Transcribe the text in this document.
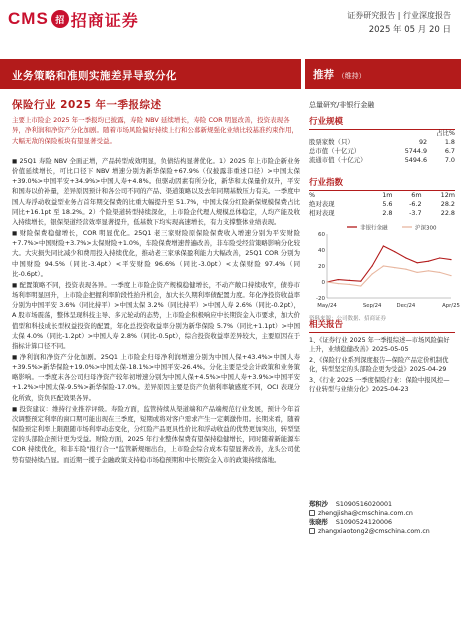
CMS 招 招商证券	证券研究报告 | 行业深度报告
2025 年 05 月 20 日
业务策略和准则实施差异导致分化	推荐 （维持）
保险行业 2025 年一季报综述
主要上市险企 2025 年一季报均已披露，寿险 NBV 延续增长，寿险 COR 明显改善，投资表现各异，净利润和净资产分化加剧。随着市场风险偏好持续上行和公募新规强化业绩比较基准约束作用，大幅无敌的保险板块有望显著受益。

◼ 25Q1 寿险 NBV 全面正增，产品转型成效明显，负债结构显著优化。1）2025 年上市险企新业务价值延续增长，可比口径下 NBV 增速分别为新华保险+67.9%（仅披露非重述口径）>中国太保+39.0%>中国平安+34.9%>中国人寿+4.8%。但驱动因素有所分化，新华和太保量价双升，平安和国寿以价补量，差异原因预计和各公司不同的产品、渠道策略以及去年同期基数压力有关。一季度中国人寿浮动收益型业务占首年期交保费的比重大幅提升至 51.7%，中国太保分红险新保规模保费占比同比+16.1pt 至 18.2%。2）个险渠道转型持续深化，上市险企代理人规模总体稳定，人均产能及收入持续增长，银保渠道经营效率显著提升，低基数下均实现高速增长，有力支撑整体业绩表现。

◼ 财险保费稳健增长，COR 明显优化。25Q1 老三家财险原保险保费收入增速分别为平安财险+7.7%>中国财险+3.7%>太保财险+1.0%，车险保费增速普遍改善，非车险受经营策略影响分化较大。大灾损失同比减少和费用投入持续优化，推动老三家承保盈利能力大幅改善，25Q1 COR 分别为中国财险 94.5%（同比-3.4pt）<平安财险 96.6%（同比-3.0pt）<太保财险 97.4%（同比-0.6pt）。

◼ 配置策略不同，投资表现各异。一季度上市险企资产规模稳健增长，不动产敞口持续收窄，债券市场利率明显回升，上市险企把握利率阶段性抬升机会，加大长久期利率债配置力度。年化净投资收益率分别为中国平安 3.6%（同比持平）>中国太保 3.2%（同比持平）>中国人寿 2.6%（同比-0.2pt），A 股市场震荡，整体呈现科技主导、多元轮动的态势，上市险企积极响应中长期资金入市要求，加大价值型和科技成长型权益投资的配置，年化总投资收益率分别为新华保险 5.7%（同比+1.1pt）>中国太保 4.0%（同比-1.2pt）>中国人寿 2.8%（同比-0.5pt），综合投资收益率差异较大，主要原因在于指标计算口径不同。

◼ 净利润和净资产分化加剧。25Q1 上市险企归母净利润增速分别为中国人保+43.4%>中国人寿+39.5%>新华保险+19.0%>中国太保-18.1%>中国平安-26.4%。分化主要是受会计政策和业务策略影响。一季度末各公司归母净资产较年初增速分别为中国人保+4.5%>中国人寿+3.9%>中国平安+1.2%>中国太保-9.5%>新华保险-17.0%。差异原因主要是资产负债利率敏感度不同，OCI 表现分化所致，资负匹配效果各异。

◼ 投资建议：维持行业推荐评级。寿险方面，监管持续从渠道端和产品端规范行业发展，预计今年首次调整预定利率的窗口期可能出现在三季度，短期或将对客户需求产生一定刺激作用。长期来看，随着保险预定利率上限跟随市场利率动态变化，分红险产品更具性价比和浮动收益的优势更加突出，转型坚定的头部险企预计更为受益。财险方面，2025 年行业整体保费有望保持稳健增长，同时随着新能源车 COR 持续优化，和非车险"报行合一"监管新规细出台，上市险企综合成本有望显著改善，龙头公司优势有望持续凸显。而近期一揽子金融政策支持稳市场稳预期和中长期资金入市的政策持续落地。

总量研究/非银行金融
行业规模
		占比%
股票家数（只）	92	1.8
总市值（十亿元）	5744.9	6.7
流通市值（十亿元）	5494.6	7.0
行业指数
%	1m	6m	12m
绝对表现	5.6	-6.2	28.2
相对表现	2.8	-3.7	22.8
非银行金融	沪深300
-20
0
20
40
60
May/24	Sep/24	Dec/24	Apr/25
资料来源：公司数据、招商证券
相关报告
1、《证券行业 2025 年一季报综述—市场风险偏好上升，业绩稳健改善》2025-05-05
2、《保险行业系列深度报告—保险产品定价机制优化，转型坚定的头部险企更为受益》2025-04-29
3、《行业 2025 一季度保险行业：保险中报风控—行业转型与业绩分化》2025-04-23
郑积沙 S1090516020001
zhengjisha@cmschina.com.cn
张晓彤 S1090524120006
zhangxiaotong2@cmschina.com.cn
